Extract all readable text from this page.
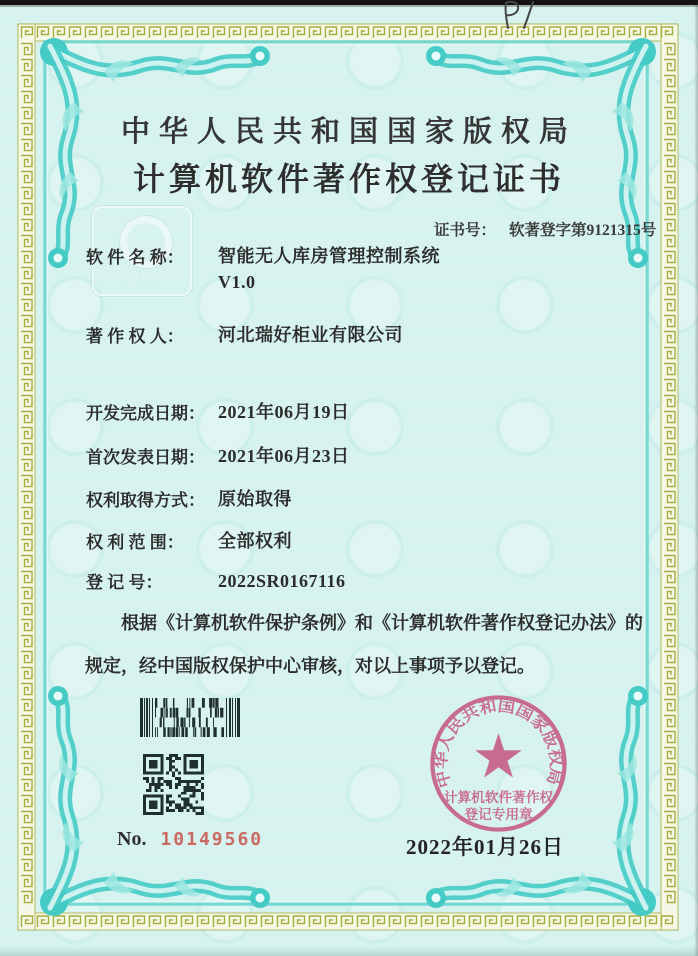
cpcc
中华人民共和国国家版权局
计算机软件著作权登记证书
证书号： 软著登字第9121315号
软 件 名 称：	智能无人库房管理控制系统
V1.0
著 作 权 人：	河北瑞好柜业有限公司
开发完成日期： 2021年06月19日
首次发表日期： 2021年06月23日
权利取得方式： 原始取得
权 利 范 围：	全部权利
登 记 号：	2022SR0167116
根据《计算机软件保护条例》和《计算机软件著作权登记办法》的规定，经中国版权保护中心审核，对以上事项予以登记。
No. 10149560	2022年01月26日
中华人民共和国国家版权局
计算机软件著作权
登记专用章
